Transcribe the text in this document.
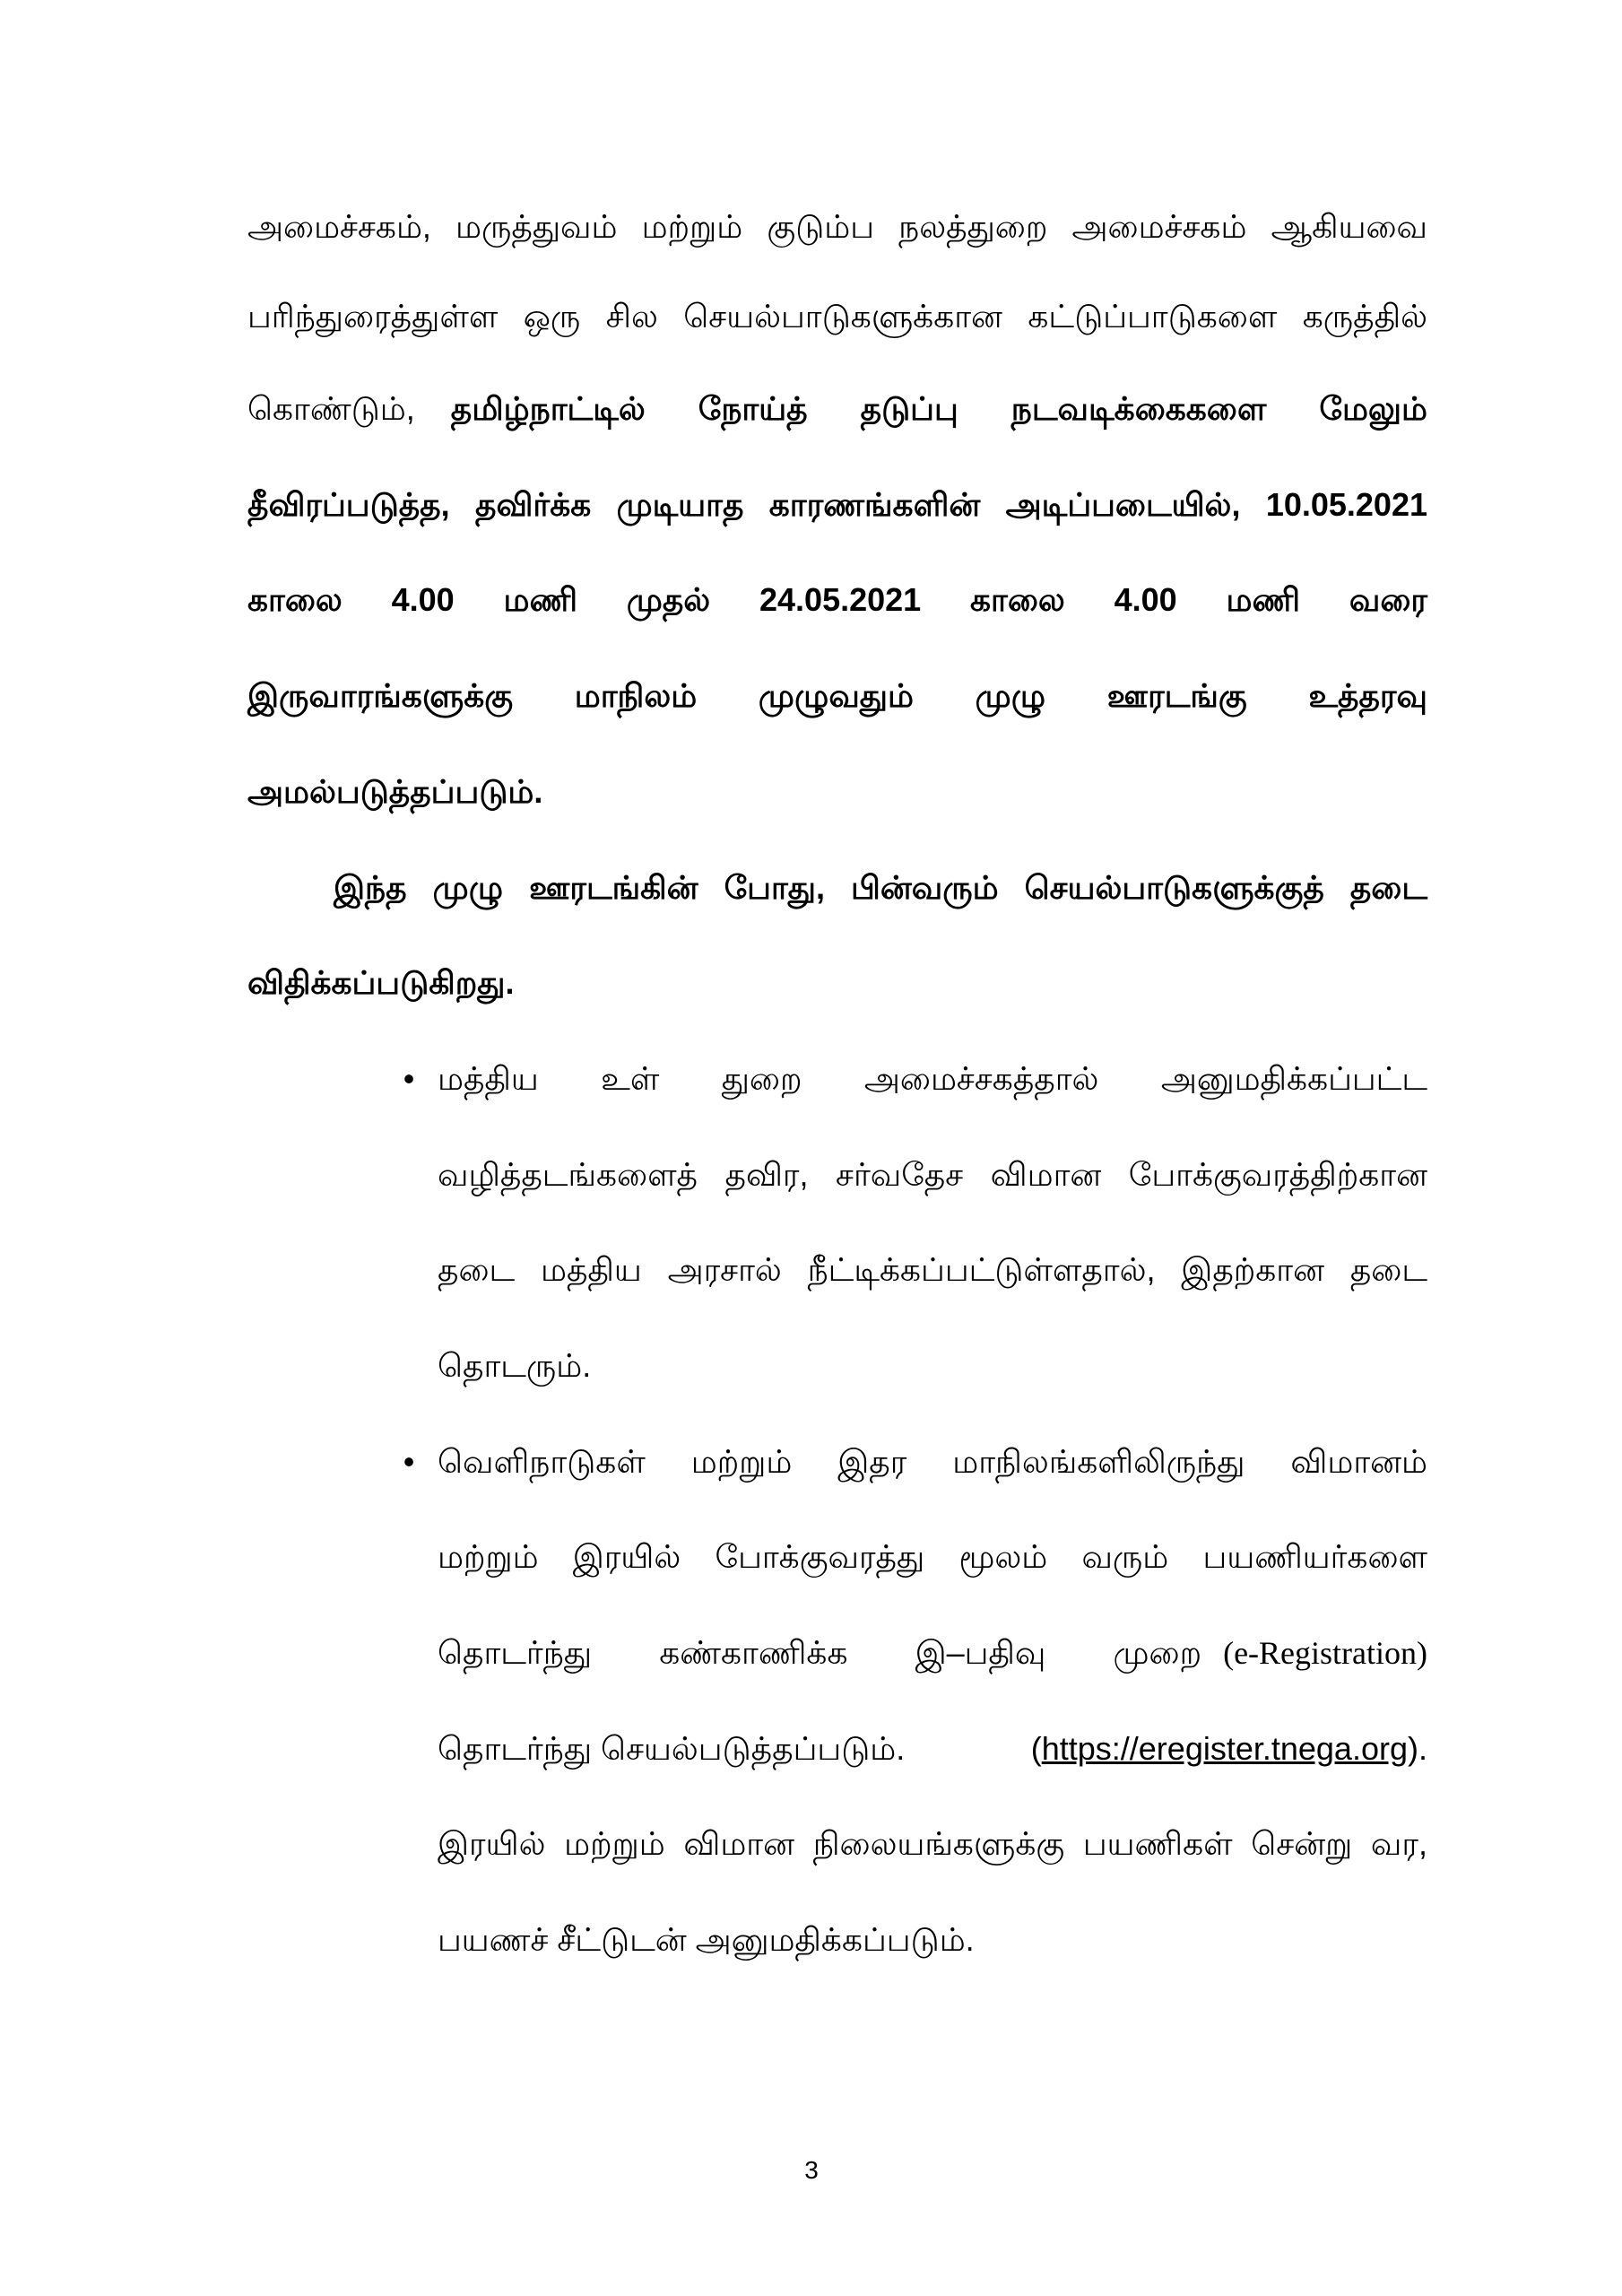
அமைச்சகம், மருத்துவம் மற்றும் குடும்ப நலத்துறை அமைச்சகம் ஆகியவை
பரிந்துரைத்துள்ள ஒரு சில செயல்பாடுகளுக்கான கட்டுப்பாடுகளை கருத்தில்
கொண்டும், தமிழ்நாட்டில் நோய்த் தடுப்பு நடவடிக்கைகளை மேலும்
தீவிரப்படுத்த, தவிர்க்க முடியாத காரணங்களின் அடிப்படையில், 10.05.2021
காலை 4.00 மணி முதல் 24.05.2021 காலை 4.00 மணி வரை
இருவாரங்களுக்கு மாநிலம் முழுவதும் முழு ஊரடங்கு உத்தரவு
அமல்படுத்தப்படும்.
இந்த முழு ஊரடங்கின் போது, பின்வரும் செயல்பாடுகளுக்குத் தடை
விதிக்கப்படுகிறது.
• மத்திய உள் துறை அமைச்சகத்தால் அனுமதிக்கப்பட்ட
வழித்தடங்களைத் தவிர, சர்வதேச விமான போக்குவரத்திற்கான
தடை மத்திய அரசால் நீட்டிக்கப்பட்டுள்ளதால், இதற்கான தடை
தொடரும்.
• வெளிநாடுகள் மற்றும் இதர மாநிலங்களிலிருந்து விமானம்
மற்றும் இரயில் போக்குவரத்து மூலம் வரும் பயணியர்களை
தொடர்ந்து கண்காணிக்க இ–பதிவு முறை (e-Registration)
தொடர்ந்து செயல்படுத்தப்படும்.	(https://eregister.tnega.org).
இரயில் மற்றும் விமான நிலையங்களுக்கு பயணிகள் சென்று வர,
பயணச் சீட்டுடன் அனுமதிக்கப்படும்.
3
